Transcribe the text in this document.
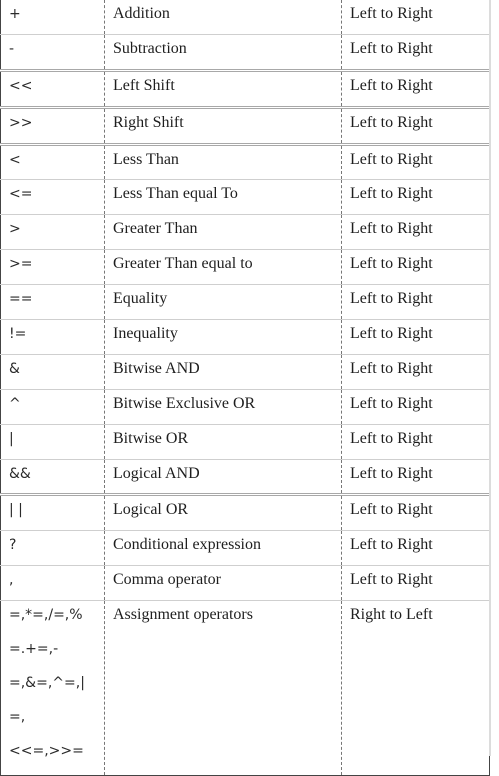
+	Addition	Left to Right
-	Subtraction	Left to Right
<<	Left Shift	Left to Right
>>	Right Shift	Left to Right
<	Less Than	Left to Right
<=	Less Than equal To	Left to Right
>	Greater Than	Left to Right
>=	Greater Than equal to	Left to Right
==	Equality	Left to Right
!=	Inequality	Left to Right
&	Bitwise AND	Left to Right
^	Bitwise Exclusive OR	Left to Right
|	Bitwise OR	Left to Right
&&	Logical AND	Left to Right
| |	Logical OR	Left to Right
?	Conditional expression	Left to Right
,	Comma operator	Left to Right

=,*=,/=,%
=.+=,-
=,&=,^=,|
=,
<<=,>>=	Assignment operators	Right to Left
